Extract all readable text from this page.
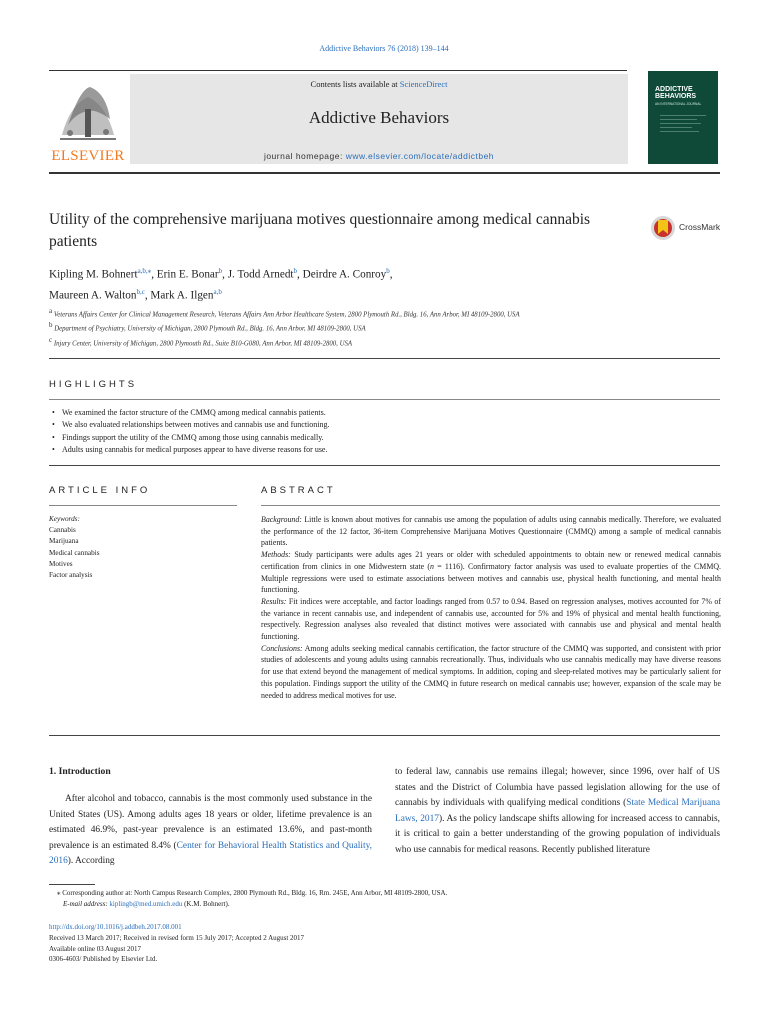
Addictive Behaviors 76 (2018) 139–144
ELSEVIER
Contents lists available at ScienceDirect
Addictive Behaviors
journal homepage: www.elsevier.com/locate/addictbeh
ADDICTIVE BEHAVIORS
AN INTERNATIONAL JOURNAL
Utility of the comprehensive marijuana motives questionnaire among medical cannabis patients
CrossMark
Kipling M. Bohnert$^{a,b,⁎}$, Erin E. Bonar$^b$, J. Todd Arnedt$^b$, Deirdre A. Conroy$^b$,
Maureen A. Walton$^{b,c}$, Mark A. Ilgen$^{a,b}$
$^a$ Veterans Affairs Center for Clinical Management Research, Veterans Affairs Ann Arbor Healthcare System, 2800 Plymouth Rd., Bldg. 16, Ann Arbor, MI 48109-2800, USA
$^b$ Department of Psychiatry, University of Michigan, 2800 Plymouth Rd., Bldg. 16, Ann Arbor, MI 48109-2800, USA
$^c$ Injury Center, University of Michigan, 2800 Plymouth Rd., Suite B10-G080, Ann Arbor, MI 48109-2800, USA
HIGHLIGHTS
• We examined the factor structure of the CMMQ among medical cannabis patients.
• We also evaluated relationships between motives and cannabis use and functioning.
• Findings support the utility of the CMMQ among those using cannabis medically.
• Adults using cannabis for medical purposes appear to have diverse reasons for use.
ARTICLE INFO	ABSTRACT
Keywords:
Cannabis
Marijuana
Medical cannabis
Motives
Factor analysis
Background: Little is known about motives for cannabis use among the population of adults using cannabis medically. Therefore, we evaluated the performance of the 12 factor, 36-item Comprehensive Marijuana Motives Questionnaire (CMMQ) among a sample of medical cannabis patients.
Methods: Study participants were adults ages 21 years or older with scheduled appointments to obtain new or renewed medical cannabis certification from clinics in one Midwestern state (n = 1116). Confirmatory factor analysis was used to evaluate properties of the CMMQ. Multiple regressions were used to estimate associations between motives and cannabis use, physical health functioning, and mental health functioning.
Results: Fit indices were acceptable, and factor loadings ranged from 0.57 to 0.94. Based on regression analyses, motives accounted for 7% of the variance in recent cannabis use, and independent of cannabis use, accounted for 5% and 19% of physical and mental health functioning, respectively. Regression analyses also revealed that distinct motives were associated with cannabis use and physical and mental health functioning.
Conclusions: Among adults seeking medical cannabis certification, the factor structure of the CMMQ was supported, and consistent with prior studies of adolescents and young adults using cannabis recreationally. Thus, individuals who use cannabis medically may have diverse reasons for use that extend beyond the management of medical symptoms. In addition, coping and sleep-related motives may be particularly salient for this population. Findings support the utility of the CMMQ in future research on medical cannabis use; however, expansion of the scale may be needed to address medical motives for use.
1. Introduction
After alcohol and tobacco, cannabis is the most commonly used substance in the United States (US). Among adults ages 18 years or older, lifetime prevalence is an estimated 46.9%, past-year prevalence is an estimated 13.6%, and past-month prevalence is an estimated 8.4% (Center for Behavioral Health Statistics and Quality, 2016). According
to federal law, cannabis use remains illegal; however, since 1996, over half of US states and the District of Columbia have passed legislation allowing for the use of cannabis by individuals with qualifying medical conditions (State Medical Marijuana Laws, 2017). As the policy landscape shifts allowing for increased access to cannabis, it is critical to gain a better understanding of the growing population of individuals who use cannabis for medical reasons. Recently published literature
⁎ Corresponding author at: North Campus Research Complex, 2800 Plymouth Rd., Bldg. 16, Rm. 245E, Ann Arbor, MI 48109-2800, USA.
E-mail address: kiplingb@med.umich.edu (K.M. Bohnert).
http://dx.doi.org/10.1016/j.addbeh.2017.08.001
Received 13 March 2017; Received in revised form 15 July 2017; Accepted 2 August 2017
Available online 03 August 2017
0306-4603/ Published by Elsevier Ltd.
